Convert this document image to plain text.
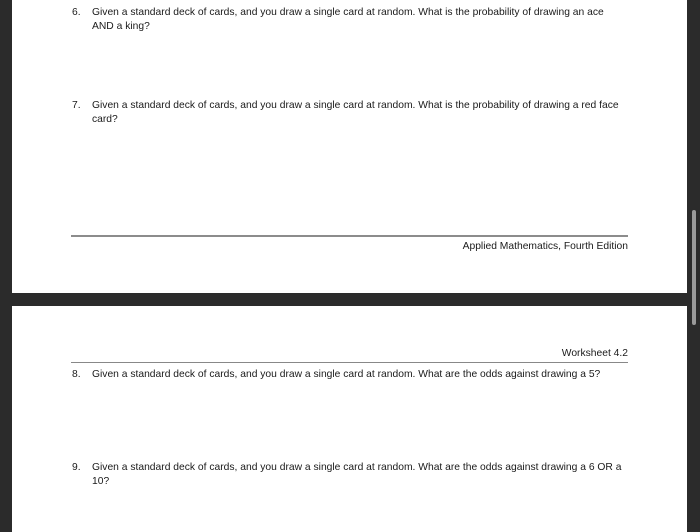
6. Given a standard deck of cards, and you draw a single card at random. What is the probability of drawing an ace AND a king?
7. Given a standard deck of cards, and you draw a single card at random. What is the probability of drawing a red face card?
Applied Mathematics, Fourth Edition
Worksheet 4.2
8. Given a standard deck of cards, and you draw a single card at random. What are the odds against drawing a 5?
9. Given a standard deck of cards, and you draw a single card at random. What are the odds against drawing a 6 OR a 10?
